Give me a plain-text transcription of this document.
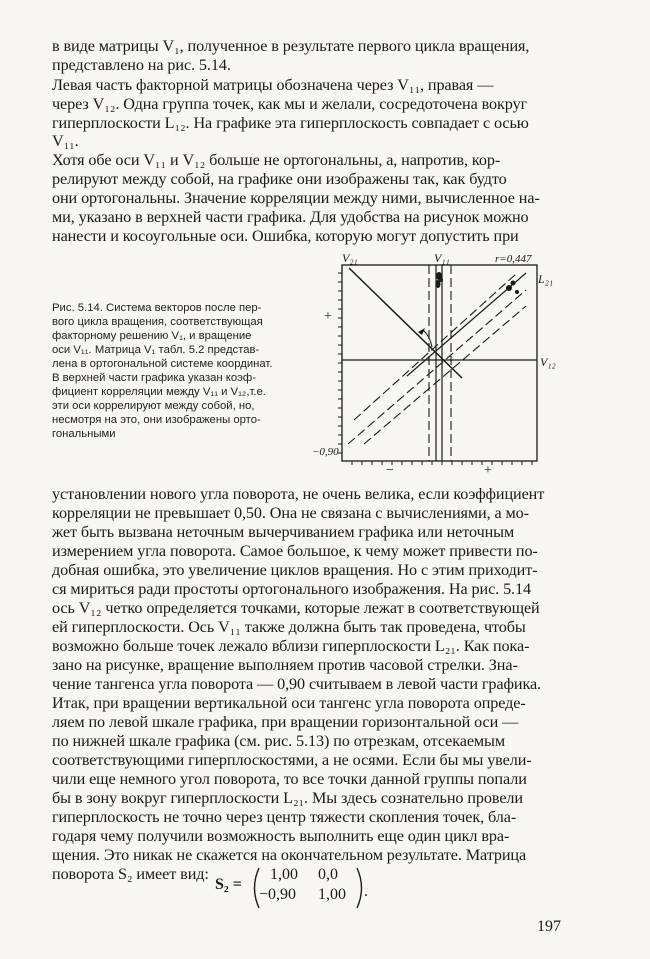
в виде матрицы V₁, полученное в результате первого цикла вращения,
представлено на рис. 5.14.
Левая часть факторной матрицы обозначена через V₁₁, правая —
через V₁₂. Одна группа точек, как мы и желали, сосредоточена вокруг
гиперплоскости L₁₂. На графике эта гиперплоскость совпадает с осью
V₁₁.
Хотя обе оси V₁₁ и V₁₂ больше не ортогональны, а, напротив, кор-
релируют между собой, на графике они изображены так, как будто
они ортогональны. Значение корреляции между ними, вычисленное на-
ми, указано в верхней части графика. Для удобства на рисунок можно
нанести и косоугольные оси. Ошибка, которую могут допустить при
Рис. 5.14. Система векторов после пер-
вого цикла вращения, соответствующая
факторному решению V₁, и вращение
оси V₁₁. Матрица V₁ табл. 5.2 представ-
лена в ортогональной системе координат.
В верхней части графика указан коэф-
фициент корреляции между V₁₁ и V₁₂,т.е.
эти оси коррелируют между собой, но,
несмотря на это, они изображены орто-
гональными
V₂₁	V₁₁	r=0,447
L₂₁
V₁₂
+
−0,90
−	+
установлении нового угла поворота, не очень велика, если коэффициент
корреляции не превышает 0,50. Она не связана с вычислениями, а мо-
жет быть вызвана неточным вычерчиванием графика или неточным
измерением угла поворота. Самое большое, к чему может привести по-
добная ошибка, это увеличение циклов вращения. Но с этим приходит-
ся мириться ради простоты ортогонального изображения. На рис. 5.14
ось V₁₂ четко определяется точками, которые лежат в соответствующей
ей гиперплоскости. Ось V₁₁ также должна быть так проведена, чтобы
возможно больше точек лежало вблизи гиперплоскости L₂₁. Как пока-
зано на рисунке, вращение выполняем против часовой стрелки. Зна-
чение тангенса угла поворота — 0,90 считываем в левой части графика.
Итак, при вращении вертикальной оси тангенс угла поворота опреде-
ляем по левой шкале графика, при вращении горизонтальной оси —
по нижней шкале графика (см. рис. 5.13) по отрезкам, отсекаемым
соответствующими гиперплоскостями, а не осями. Если бы мы увели-
чили еще немного угол поворота, то все точки данной группы попали
бы в зону вокруг гиперплоскости L₂₁. Мы здесь сознательно провели
гиперплоскость не точно через центр тяжести скопления точек, бла-
годаря чему получили возможность выполнить еще один цикл вра-
щения. Это никак не скажется на окончательном результате. Матрица
поворота S₂ имеет вид:
S₂ =
1,00 0,0
−0,90 1,00 .
197
